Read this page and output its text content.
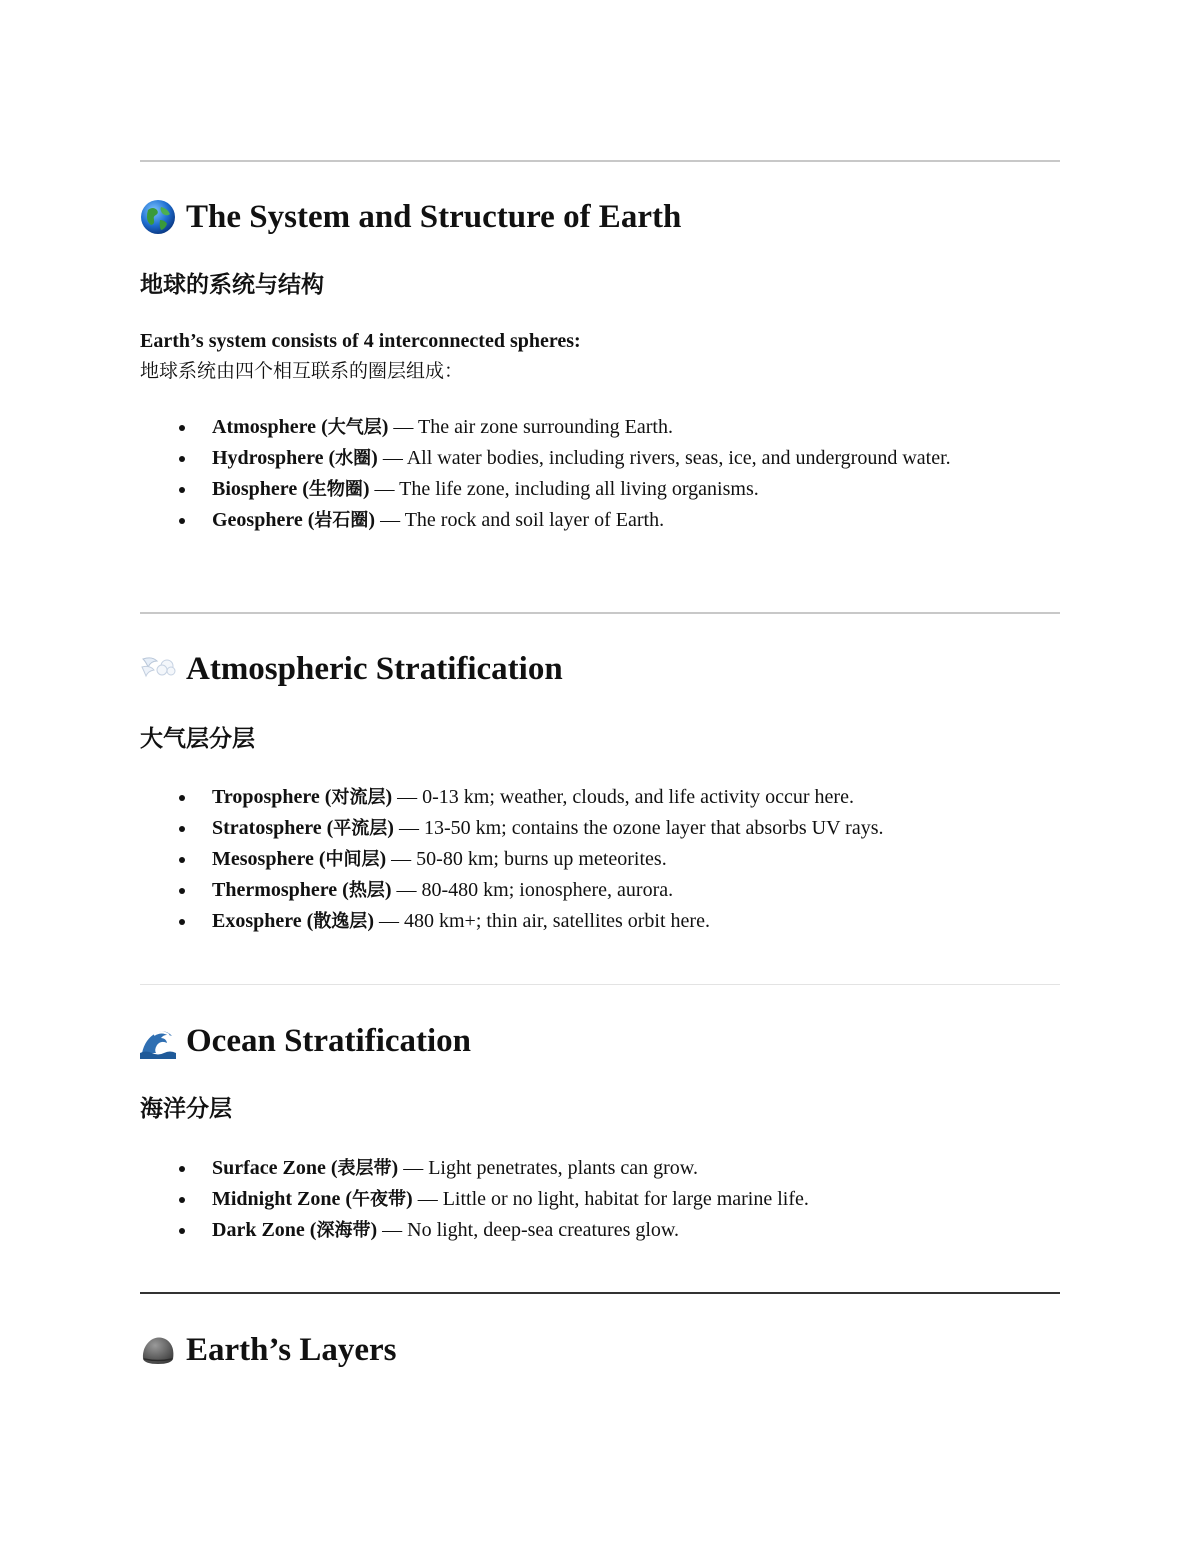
The System and Structure of Earth
地球的系统与结构

Earth’s system consists of 4 interconnected spheres:
地球系统由四个相互联系的圈层组成：

Atmosphere (大气层) — The air zone surrounding Earth.
Hydrosphere (水圈) — All water bodies, including rivers, seas, ice, and underground water.
Biosphere (生物圈) — The life zone, including all living organisms.
Geosphere (岩石圈) — The rock and soil layer of Earth.
Atmospheric Stratification
大气层分层
Troposphere (对流层) — 0-13 km; weather, clouds, and life activity occur here.
Stratosphere (平流层) — 13-50 km; contains the ozone layer that absorbs UV rays.
Mesosphere (中间层) — 50-80 km; burns up meteorites.
Thermosphere (热层) — 80-480 km; ionosphere, aurora.
Exosphere (散逸层) — 480 km+; thin air, satellites orbit here.
Ocean Stratification
海洋分层
Surface Zone (表层带) — Light penetrates, plants can grow.
Midnight Zone (午夜带) — Little or no light, habitat for large marine life.
Dark Zone (深海带) — No light, deep-sea creatures glow.
Earth’s Layers
